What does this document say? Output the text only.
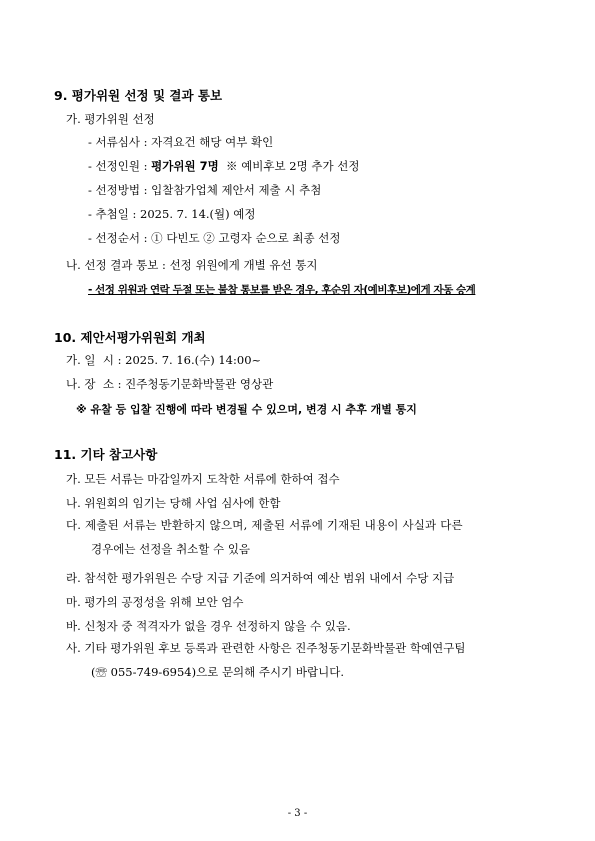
9. 평가위원 선정 및 결과 통보
가. 평가위원 선정
- 서류심사 : 자격요건 해당 여부 확인
- 선정인원 : 평가위원 7명  ※ 예비후보 2명 추가 선정
- 선정방법 : 입찰참가업체 제안서 제출 시 추첨
- 추첨일 : 2025. 7. 14.(월) 예정
- 선정순서 : ① 다빈도 ② 고령자 순으로 최종 선정
나. 선정 결과 통보 : 선정 위원에게 개별 유선 통지
- 선정 위원과 연락 두절 또는 불참 통보를 받은 경우, 후순위 자(예비후보)에게 자동 승계
10. 제안서평가위원회 개최
가. 일  시 : 2025. 7. 16.(수) 14:00~
나. 장  소 : 진주청동기문화박물관 영상관
※ 유찰 등 입찰 진행에 따라 변경될 수 있으며, 변경 시 추후 개별 통지
11. 기타 참고사항
가. 모든 서류는 마감일까지 도착한 서류에 한하여 접수
나. 위원회의 임기는 당해 사업 심사에 한함
다. 제출된 서류는 반환하지 않으며, 제출된 서류에 기재된 내용이 사실과 다른
경우에는 선정을 취소할 수 있음
라. 참석한 평가위원은 수당 지급 기준에 의거하여 예산 범위 내에서 수당 지급
마. 평가의 공정성을 위해 보안 엄수
바. 신청자 중 적격자가 없을 경우 선정하지 않을 수 있음.
사. 기타 평가위원 후보 등록과 관련한 사항은 진주청동기문화박물관 학예연구팀
(☏ 055-749-6954)으로 문의해 주시기 바랍니다.
- 3 -
